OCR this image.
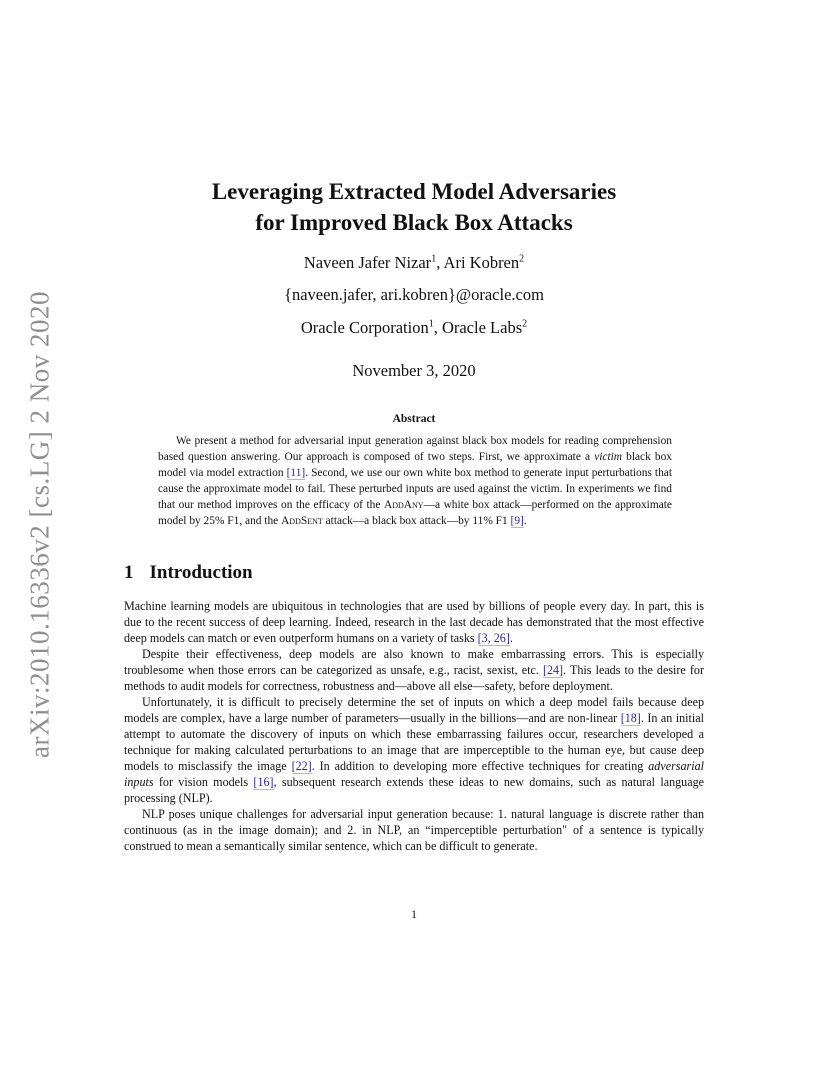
arXiv:2010.16336v2 [cs.LG] 2 Nov 2020
Leveraging Extracted Model Adversaries
for Improved Black Box Attacks
Naveen Jafer Nizar$^1$, Ari Kobren$^2$
{naveen.jafer, ari.kobren}@oracle.com
Oracle Corporation$^1$, Oracle Labs$^2$
November 3, 2020
Abstract

We present a method for adversarial input generation against black box models for reading comprehension based question answering. Our approach is composed of two steps. First, we approximate a victim black box model via model extraction [11]. Second, we use our own white box method to generate input perturbations that cause the approximate model to fail. These perturbed inputs are used against the victim. In experiments we find that our method improves on the efficacy of the AddAny—a white box attack—performed on the approximate model by 25% F1, and the AddSent attack—a black box attack—by 11% F1 [9].

1 Introduction

Machine learning models are ubiquitous in technologies that are used by billions of people every day. In part, this is due to the recent success of deep learning. Indeed, research in the last decade has demonstrated that the most effective deep models can match or even outperform humans on a variety of tasks [3, 26].

Despite their effectiveness, deep models are also known to make embarrassing errors. This is especially troublesome when those errors can be categorized as unsafe, e.g., racist, sexist, etc. [24]. This leads to the desire for methods to audit models for correctness, robustness and—above all else—safety, before deployment.

Unfortunately, it is difficult to precisely determine the set of inputs on which a deep model fails because deep models are complex, have a large number of parameters—usually in the billions—and are non-linear [18]. In an initial attempt to automate the discovery of inputs on which these embarrassing failures occur, researchers developed a technique for making calculated perturbations to an image that are imperceptible to the human eye, but cause deep models to misclassify the image [22]. In addition to developing more effective techniques for creating adversarial inputs for vision models [16], subsequent research extends these ideas to new domains, such as natural language processing (NLP).

NLP poses unique challenges for adversarial input generation because: 1. natural language is discrete rather than continuous (as in the image domain); and 2. in NLP, an “imperceptible perturbation" of a sentence is typically construed to mean a semantically similar sentence, which can be difficult to generate.

1
